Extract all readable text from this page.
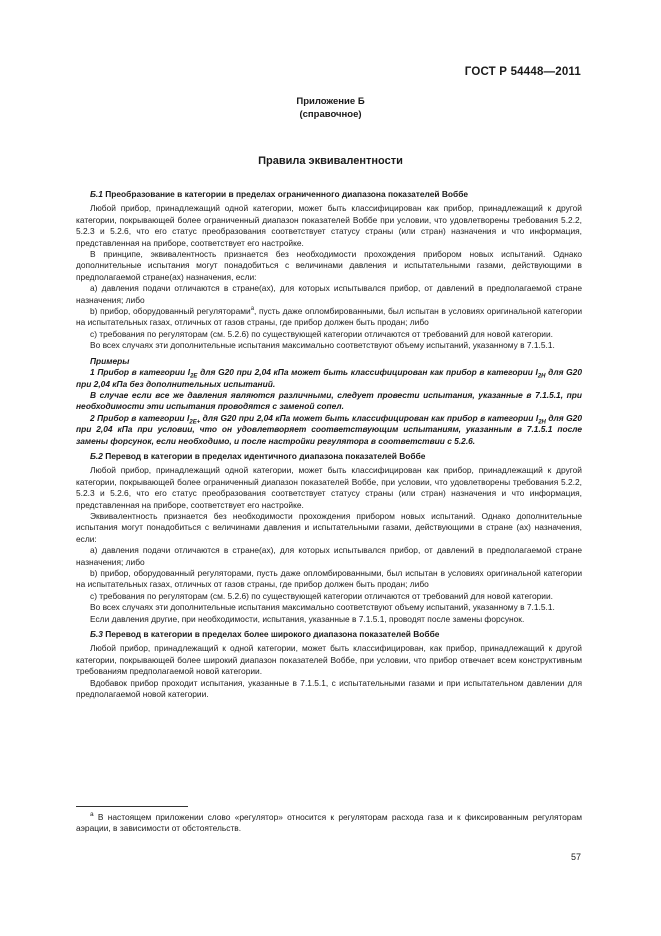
ГОСТ Р 54448—2011
Приложение Б
(справочное)
Правила эквивалентности

Б.1 Преобразование в категории в пределах ограниченного диапазона показателей Воббе

Любой прибор, принадлежащий одной категории, может быть классифицирован как прибор, принадлежащий к другой категории, покрывающей более ограниченный диапазон показателей Воббе при условии, что удовлетворены требования 5.2.2, 5.2.3 и 5.2.6, что его статус преобразования соответствует статусу страны (или стран) назначения и что информация, представленная на приборе, соответствует его настройке.

В принципе, эквивалентность признается без необходимости прохождения прибором новых испытаний. Однако дополнительные испытания могут понадобиться с величинами давления и испытательными газами, действующими в предполагаемой стране(ах) назначения, если:

а) давления подачи отличаются в стране(ах), для которых испытывался прибор, от давлений в предполагаемой стране назначения; либо

b) прибор, оборудованный регуляторами$^a$, пусть даже опломбированными, был испытан в условиях оригинальной категории на испытательных газах, отличных от газов страны, где прибор должен быть продан; либо

с) требования по регуляторам (см. 5.2.6) по существующей категории отличаются от требований для новой категории.

Во всех случаях эти дополнительные испытания максимально соответствуют объему испытаний, указанному в 7.1.5.1.

Примеры

1 Прибор в категории $I_{2E}$ для G20 при 2,04 кПа может быть классифицирован как прибор в категории $I_{2H}$ для G20 при 2,04 кПа без дополнительных испытаний.

В случае если все же давления являются различными, следует провести испытания, указанные в 7.1.5.1, при необходимости эти испытания проводятся с заменой сопел.

2 Прибор в категории $I_{2E+}$ для G20 при 2,04 кПа может быть классифицирован как прибор в категории $I_{2H}$ для G20 при 2,04 кПа при условии, что он удовлетворяет соответствующим испытаниям, указанным в 7.1.5.1 после замены форсунок, если необходимо, и после настройки регулятора в соответствии с 5.2.6.

Б.2 Перевод в категории в пределах идентичного диапазона показателей Воббе

Любой прибор, принадлежащий одной категории, может быть классифицирован как прибор, принадлежащий к другой категории, покрывающей более ограниченный диапазон показателей Воббе, при условии, что удовлетворены требования 5.2.2, 5.2.3 и 5.2.6, что его статус преобразования соответствует статусу страны (или стран) назначения и что информация, представленная на приборе, соответствует его настройке.

Эквивалентность признается без необходимости прохождения прибором новых испытаний. Однако дополнительные испытания могут понадобиться с величинами давления и испытательными газами, действующими в стране (ах) назначения, если:

а) давления подачи отличаются в стране(ах), для которых испытывался прибор, от давлений в предполагаемой стране назначения; либо

b) прибор, оборудованный регуляторами, пусть даже опломбированными, был испытан в условиях оригинальной категории на испытательных газах, отличных от газов страны, где прибор должен быть продан; либо

с) требования по регуляторам (см. 5.2.6) по существующей категории отличаются от требований для новой категории.

Во всех случаях эти дополнительные испытания максимально соответствуют объему испытаний, указанному в 7.1.5.1.

Если давления другие, при необходимости, испытания, указанные в 7.1.5.1, проводят после замены форсунок.

Б.3 Перевод в категории в пределах более широкого диапазона показателей Воббе

Любой прибор, принадлежащий к одной категории, может быть классифицирован, как прибор, принадлежащий к другой категории, покрывающей более широкий диапазон показателей Воббе, при условии, что прибор отвечает всем конструктивным требованиям предполагаемой новой категории.

Вдобавок прибор проходит испытания, указанные в 7.1.5.1, с испытательными газами и при испытательном давлении для предполагаемой новой категории.

$^a$ В настоящем приложении слово «регулятор» относится к регуляторам расхода газа и к фиксированным регуляторам аэрации, в зависимости от обстоятельств.

57
